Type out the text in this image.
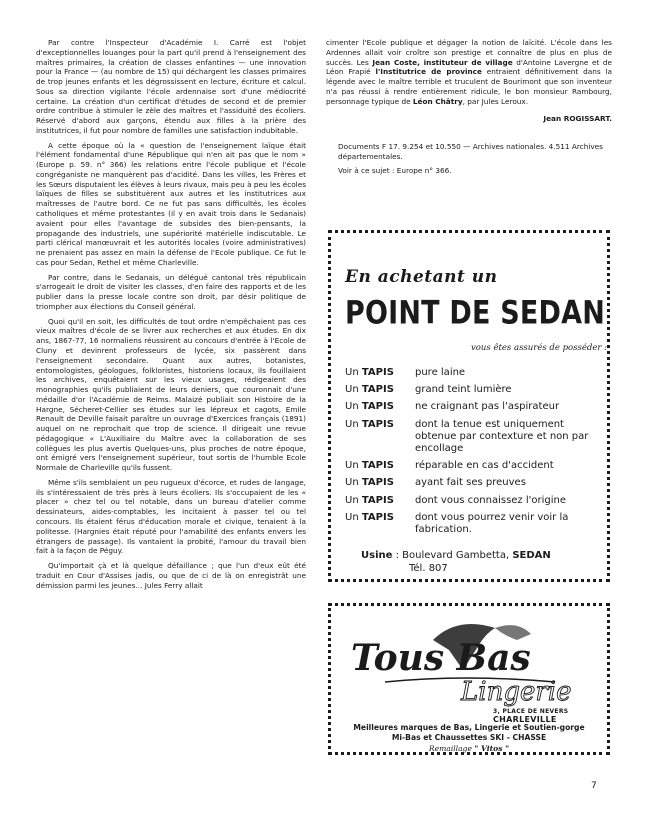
Par contre l'Inspecteur d'Académie I. Carré est l'objet d'exceptionnelles louanges pour la part qu'il prend à l'enseignement des maîtres primaires, la création de classes enfantines — une innovation pour la France — (au nombre de 15) qui déchargent les classes primaires de trop jeunes enfants et les dégrossissent en lecture, écriture et calcul. Sous sa direction vigilante l'école ardennaise sort d'une médiocrité certaine. La création d'un certificat d'études de second et de premier ordre contribue à stimuler le zèle des maîtres et l'assiduité des écoliers. Réservé d'abord aux garçons, étendu aux filles à la prière des institutrices, il fut pour nombre de familles une satisfaction indubitable.

A cette époque où la « question de l'enseignement laïque était l'élément fondamental d'une République qui n'en ait pas que le nom » (Europe p. 59. n° 366) les relations entre l'école publique et l'école congréganiste ne manquèrent pas d'acidité. Dans les villes, les Frères et les Sœurs disputaient les élèves à leurs rivaux, mais peu à peu les écoles laïques de filles se substituèrent aux autres et les institutrices aux maîtresses de l'autre bord. Ce ne fut pas sans difficultés, les écoles catholiques et même protestantes (il y en avait trois dans le Sedanais) avaient pour elles l'avantage de subsides des bien-pensants, la propagande des industriels, une supériorité matérielle indiscutable. Le parti clérical manœuvrait et les autorités locales (voire administratives) ne prenaient pas assez en main la défense de l'Ecole publique. Ce fut le cas pour Sedan, Rethel et même Charleville.

Par contre, dans le Sedanais, un délégué cantonal très républicain s'arrogeait le droit de visiter les classes, d'en faire des rapports et de les publier dans la presse locale contre son droit, par désir politique de triompher aux élections du Conseil général.

Quoi qu'il en soit, les difficultés de tout ordre n'empêchaient pas ces vieux maîtres d'école de se livrer aux recherches et aux études. En dix ans, 1867-77, 16 normaliens réussirent au concours d'entrée à l'Ecole de Cluny et devinrent professeurs de lycée, six passèrent dans l'enseignement secondaire. Quant aux autres, botanistes, entomologistes, géologues, folkloristes, historiens locaux, ils fouillaient les archives, enquêtaient sur les vieux usages, rédigeaient des monographies qu'ils publiaient de leurs deniers, que couronnait d'une médaille d'or l'Académie de Reims. Malaizé publiait son Histoire de la Hargne, Sécheret-Cellier ses études sur les lépreux et cagots, Emile Renault de Deville faisait paraître un ouvrage d'Exercices français (1891) auquel on ne reprochait que trop de science. Il dirigeait une revue pédagogique « L'Auxiliaire du Maître avec la collaboration de ses collègues les plus avertis Quelques-uns, plus proches de notre époque, ont émigré vers l'enseignement supérieur, tout sortis de l'humble Ecole Normale de Charleville qu'ils fussent.

Même s'ils semblaient un peu rugueux d'écorce, et rudes de langage, ils s'intéressaient de très près à leurs écoliers. Ils s'occupaient de les « placer » chez tel ou tel notable, dans un bureau d'atelier comme dessinateurs, aides-comptables, les incitaient à passer tel ou tel concours. Ils étaient férus d'éducation morale et civique, tenaient à la politesse. (Hargnies était réputé pour l'amabilité des enfants envers les étrangers de passage). Ils vantaient la probité, l'amour du travail bien fait à la façon de Péguy.

Qu'importait çà et là quelque défaillance ; que l'un d'eux eût été traduit en Cour d'Assises jadis, ou que de ci de là on enregistrât une démission parmi les jeunes... Jules Ferry allait

cimenter l'Ecole publique et dégager la notion de laïcité. L'école dans les Ardennes allait voir croître son prestige et connaître de plus en plus de succès. Les Jean Coste, instituteur de village d'Antoine Lavergne et de Léon Frapié l'Institutrice de province entraient définitivement dans la légende avec le maître terrible et truculent de Bourimont que son inventeur n'a pas réussi à rendre entièrement ridicule, le bon monsieur Rambourg, personnage typique de Léon Châtry, par Jules Leroux.

Jean ROGISSART.

Documents F 17. 9.254 et 10.550 — Archives nationales. 4.511 Archives départementales.

Voir à ce sujet : Europe n° 366.

En achetant un
POINT DE SEDAN
vous êtes assurés de posséder :
Un TAPIS	pure laine
Un TAPIS	grand teint lumière
Un TAPIS	ne craignant pas l'aspirateur
Un TAPIS	dont la tenue est uniquement obtenue par contexture et non par encollage
Un TAPIS	réparable en cas d'accident
Un TAPIS	ayant fait ses preuves
Un TAPIS	dont vous connaissez l'origine
Un TAPIS	dont vous pourrez venir voir la fabrication.
Usine : Boulevard Gambetta, SEDAN
Tél. 807
Tous Bas
Lingerie
3, PLACE DE NEVERS CHARLEVILLE
Meilleures marques de Bas, Lingerie et Soutien-gorge
Mi-Bas et Chaussettes SKI - CHASSE
Remaillage " Vitos "
7
